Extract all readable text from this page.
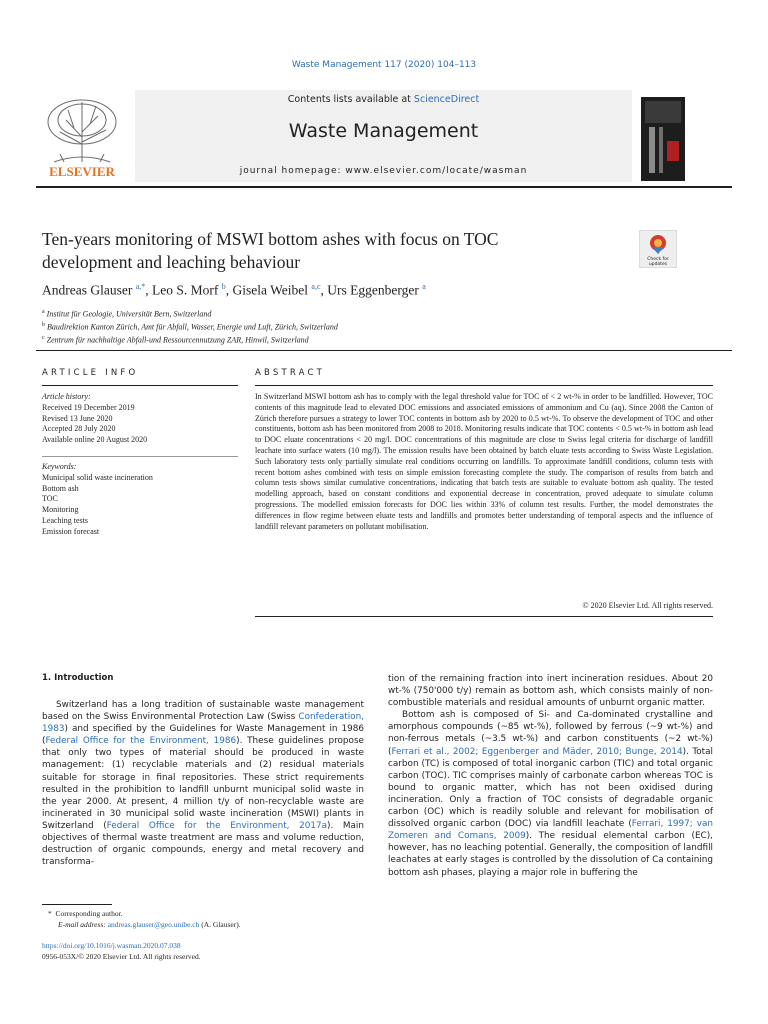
Waste Management 117 (2020) 104–113
ELSEVIER
Contents lists available at ScienceDirect
Waste Management
journal homepage: www.elsevier.com/locate/wasman
Ten-years monitoring of MSWI bottom ashes with focus on TOC development and leaching behaviour	Check for
updates
Andreas Glauser $^{a,*}$, Leo S. Morf $^b$, Gisela Weibel $^{a,c}$, Urs Eggenberger $^a$
$^a$ Institut für Geologie, Universität Bern, Switzerland
$^b$ Baudirektion Kanton Zürich, Amt für Abfall, Wasser, Energie und Luft, Zürich, Switzerland
$^c$ Zentrum für nachhaltige Abfall-und Ressourcennutzung ZAR, Hinwil, Switzerland
ARTICLE INFO
Article history:
Received 19 December 2019
Revised 13 June 2020
Accepted 28 July 2020
Available online 20 August 2020
Keywords:
Municipal solid waste incineration
Bottom ash
TOC
Monitoring
Leaching tests
Emission forecast
ABSTRACT
In Switzerland MSWI bottom ash has to comply with the legal threshold value for TOC of < 2 wt-% in order to be landfilled. However, TOC contents of this magnitude lead to elevated DOC emissions and associated emissions of ammonium and Cu (aq). Since 2008 the Canton of Zürich therefore pursues a strategy to lower TOC contents in bottom ash by 2020 to 0.5 wt-%. To observe the development of TOC and other constituents, bottom ash has been monitored from 2008 to 2018. Monitoring results indicate that TOC contents < 0.5 wt-% in bottom ash lead to DOC eluate concentrations < 20 mg/l. DOC concentrations of this magnitude are close to Swiss legal criteria for discharge of landfill leachate into surface waters (10 mg/l). The emission results have been obtained by batch eluate tests according to Swiss Waste Legislation. Such laboratory tests only partially simulate real conditions occurring on landfills. To approximate landfill conditions, column tests with recent bottom ashes combined with tests on simple emission forecasting complete the study. The comparison of results from batch and column tests shows similar cumulative concentrations, indicating that batch tests are suitable to evaluate bottom ash quality. The tested modelling approach, based on constant conditions and exponential decrease in concentration, proved adequate to simulate column progressions. The modelled emission forecasts for DOC lies within 33% of column test results. Further, the model demonstrates the differences in flow regime between eluate tests and landfills and promotes better understanding of temporal aspects and the influence of landfill relevant parameters on pollutant mobilisation.
© 2020 Elsevier Ltd. All rights reserved.
1. Introduction

Switzerland has a long tradition of sustainable waste management based on the Swiss Environmental Protection Law (Swiss Confederation, 1983) and specified by the Guidelines for Waste Management in 1986 (Federal Office for the Environment, 1986). These guidelines propose that only two types of material should be produced in waste management: (1) recyclable materials and (2) residual materials suitable for storage in final repositories. These strict requirements resulted in the prohibition to landfill unburnt municipal solid waste in the year 2000. At present, 4 million t/y of non-recyclable waste are incinerated in 30 municipal solid waste incineration (MSWI) plants in Switzerland (Federal Office for the Environment, 2017a). Main objectives of thermal waste treatment are mass and volume reduction, destruction of organic compounds, energy and metal recovery and transforma-

tion of the remaining fraction into inert incineration residues. About 20 wt-% (750'000 t/y) remain as bottom ash, which consists mainly of non-combustible materials and residual amounts of unburnt organic matter.

Bottom ash is composed of Si- and Ca-dominated crystalline and amorphous compounds (~85 wt-%), followed by ferrous (~9 wt-%) and non-ferrous metals (~3.5 wt-%) and carbon constituents (~2 wt-%) (Ferrari et al., 2002; Eggenberger and Mäder, 2010; Bunge, 2014). Total carbon (TC) is composed of total inorganic carbon (TIC) and total organic carbon (TOC). TIC comprises mainly of carbonate carbon whereas TOC is bound to organic matter, which has not been oxidised during incineration. Only a fraction of TOC consists of degradable organic carbon (OC) which is readily soluble and relevant for mobilisation of dissolved organic carbon (DOC) via landfill leachate (Ferrari, 1997; van Zomeren and Comans, 2009). The residual elemental carbon (EC), however, has no leaching potential. Generally, the composition of landfill leachates at early stages is controlled by the dissolution of Ca containing bottom ash phases, playing a major role in buffering the

* Corresponding author.
E-mail address: andreas.glauser@geo.unibe.ch (A. Glauser).
https://doi.org/10.1016/j.wasman.2020.07.038
0956-053X/© 2020 Elsevier Ltd. All rights reserved.
